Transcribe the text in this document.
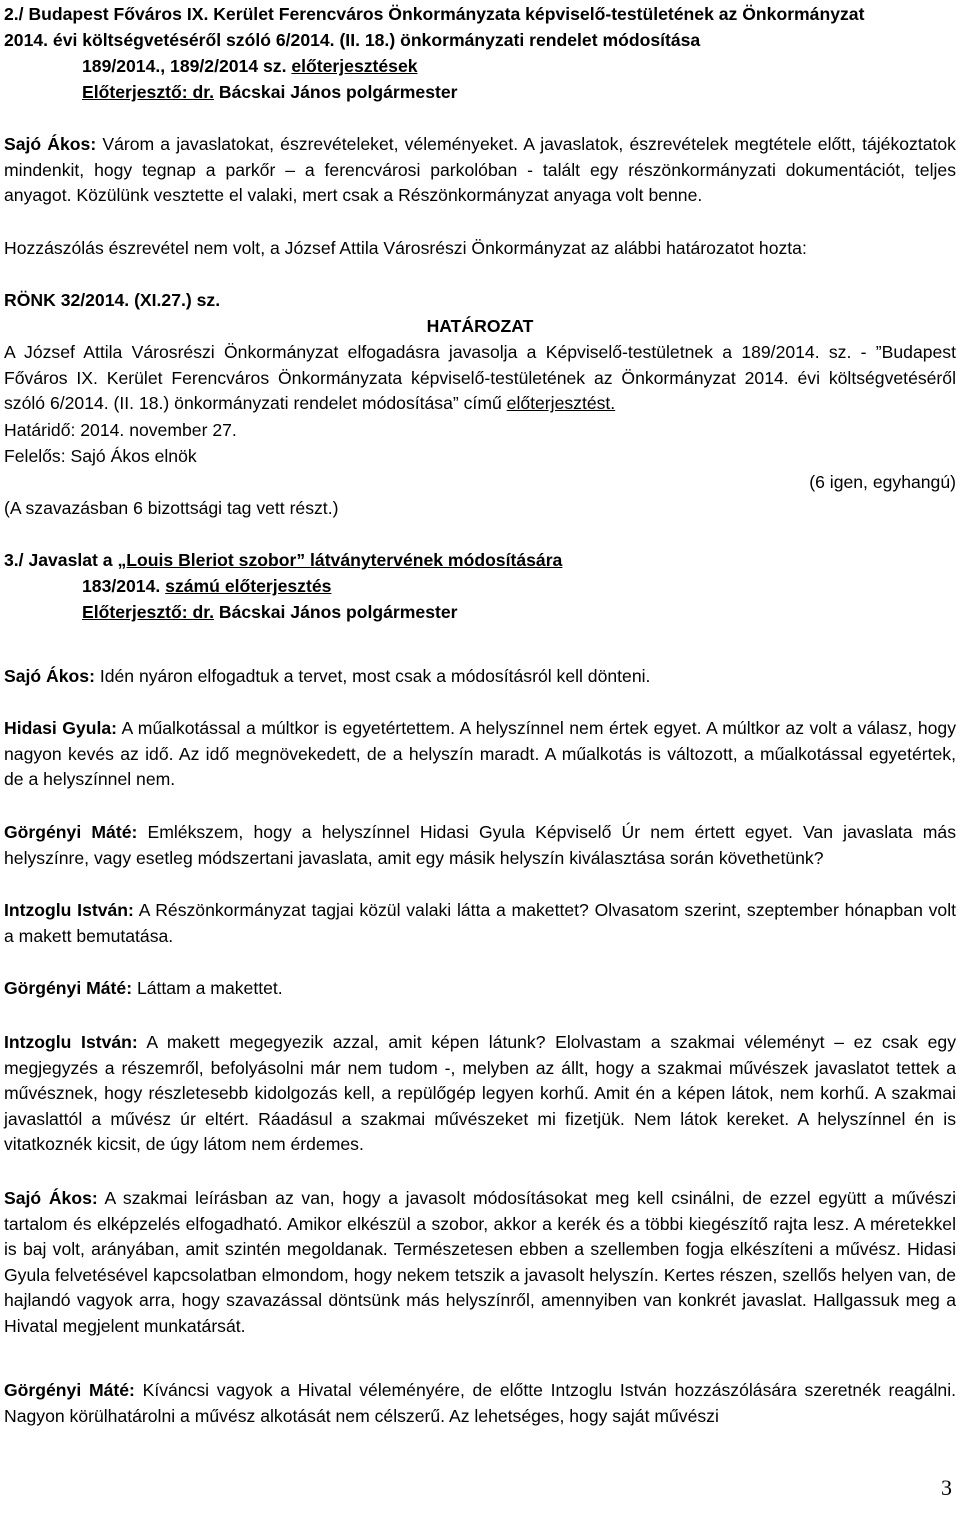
2./ Budapest Főváros IX. Kerület Ferencváros Önkormányzata képviselő-testületének az Önkormányzat

2014. évi költségvetéséről szóló 6/2014. (II. 18.) önkormányzati rendelet módosítása

189/2014., 189/2/2014 sz. előterjesztések

Előterjesztő: dr. Bácskai János polgármester

Sajó Ákos: Várom a javaslatokat, észrevételeket, véleményeket. A javaslatok, észrevételek megtétele előtt, tájékoztatok mindenkit, hogy tegnap a parkőr – a ferencvárosi parkolóban - talált egy részönkormányzati dokumentációt, teljes anyagot. Közülünk vesztette el valaki, mert csak a Részönkormányzat anyaga volt benne.

Hozzászólás észrevétel nem volt, a József Attila Városrészi Önkormányzat az alábbi határozatot hozta:

RÖNK 32/2014. (XI.27.) sz.

HATÁROZAT

A József Attila Városrészi Önkormányzat elfogadásra javasolja a Képviselő-testületnek a 189/2014. sz. - ”Budapest Főváros IX. Kerület Ferencváros Önkormányzata képviselő-testületének az Önkormányzat 2014. évi költségvetéséről szóló 6/2014. (II. 18.) önkormányzati rendelet módosítása” című előterjesztést.

Határidő: 2014. november 27.

Felelős: Sajó Ákos elnök

(6 igen, egyhangú)

(A szavazásban 6 bizottsági tag vett részt.)

3./ Javaslat a „Louis Bleriot szobor” látványtervének módosítására

183/2014. számú előterjesztés

Előterjesztő: dr. Bácskai János polgármester

Sajó Ákos: Idén nyáron elfogadtuk a tervet, most csak a módosításról kell dönteni.

Hidasi Gyula: A műalkotással a múltkor is egyetértettem. A helyszínnel nem értek egyet. A múltkor az volt a válasz, hogy nagyon kevés az idő. Az idő megnövekedett, de a helyszín maradt. A műalkotás is változott, a műalkotással egyetértek, de a helyszínnel nem.

Görgényi Máté: Emlékszem, hogy a helyszínnel Hidasi Gyula Képviselő Úr nem értett egyet. Van javaslata más helyszínre, vagy esetleg módszertani javaslata, amit egy másik helyszín kiválasztása során követhetünk?

Intzoglu István: A Részönkormányzat tagjai közül valaki látta a makettet? Olvasatom szerint, szeptember hónapban volt a makett bemutatása.

Görgényi Máté: Láttam a makettet.

Intzoglu István: A makett megegyezik azzal, amit képen látunk? Elolvastam a szakmai véleményt – ez csak egy megjegyzés a részemről, befolyásolni már nem tudom -, melyben az állt, hogy a szakmai művészek javaslatot tettek a művésznek, hogy részletesebb kidolgozás kell, a repülőgép legyen korhű. Amit én a képen látok, nem korhű. A szakmai javaslattól a művész úr eltért. Ráadásul a szakmai művészeket mi fizetjük. Nem látok kereket. A helyszínnel én is vitatkoznék kicsit, de úgy látom nem érdemes.

Sajó Ákos: A szakmai leírásban az van, hogy a javasolt módosításokat meg kell csinálni, de ezzel együtt a művészi tartalom és elképzelés elfogadható. Amikor elkészül a szobor, akkor a kerék és a többi kiegészítő rajta lesz. A méretekkel is baj volt, arányában, amit szintén megoldanak. Természetesen ebben a szellemben fogja elkészíteni a művész. Hidasi Gyula felvetésével kapcsolatban elmondom, hogy nekem tetszik a javasolt helyszín. Kertes részen, szellős helyen van, de hajlandó vagyok arra, hogy szavazással döntsünk más helyszínről, amennyiben van konkrét javaslat. Hallgassuk meg a Hivatal megjelent munkatársát.

Görgényi Máté: Kíváncsi vagyok a Hivatal véleményére, de előtte Intzoglu István hozzászólására szeretnék reagálni. Nagyon körülhatárolni a művész alkotását nem célszerű. Az lehetséges, hogy saját művészi

3
